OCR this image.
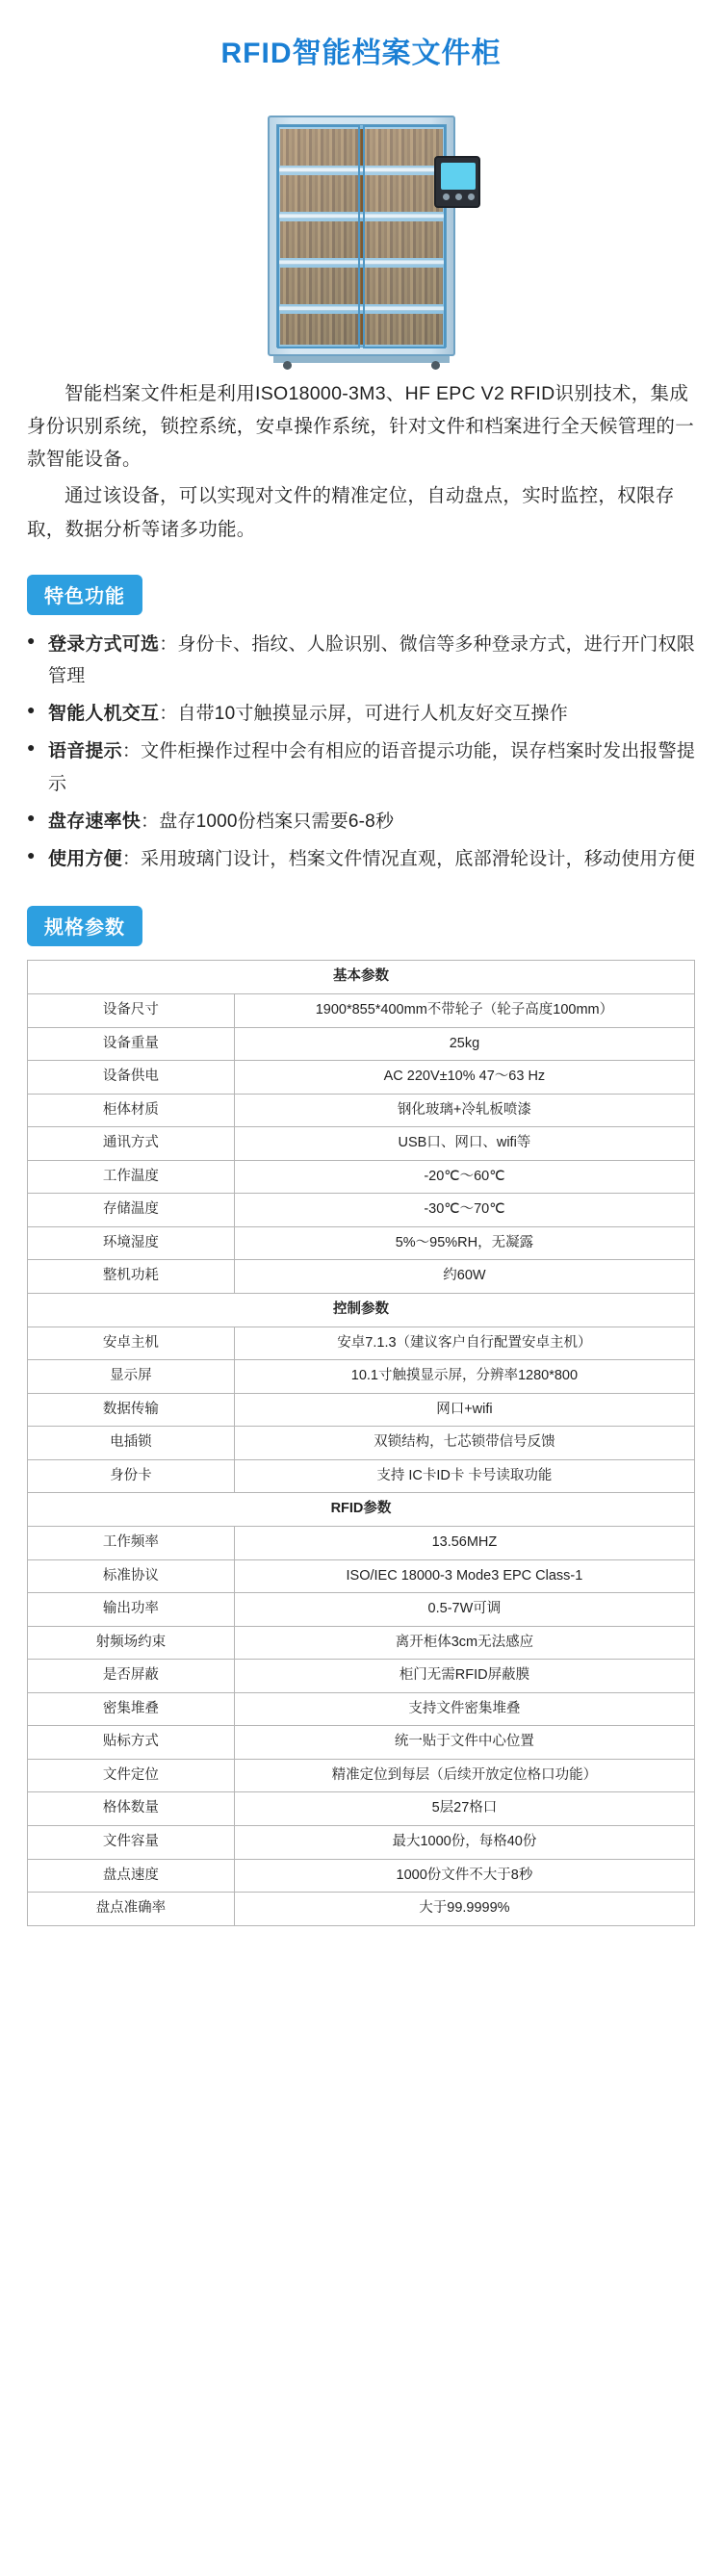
RFID智能档案文件柜

智能档案文件柜是利用ISO18000-3M3、HF EPC V2 RFID识别技术，集成身份识别系统，锁控系统，安卓操作系统，针对文件和档案进行全天候管理的一款智能设备。

通过该设备，可以实现对文件的精准定位，自动盘点，实时监控，权限存取，数据分析等诸多功能。

特色功能

● 登录方式可选：身份卡、指纹、人脸识别、微信等多种登录方式，进行开门权限管理

● 智能人机交互：自带10寸触摸显示屏，可进行人机友好交互操作

● 语音提示：文件柜操作过程中会有相应的语音提示功能，误存档案时发出报警提示

● 盘存速率快：盘存1000份档案只需要6-8秒

● 使用方便：采用玻璃门设计，档案文件情况直观，底部滑轮设计，移动使用方便

规格参数
基本参数	
设备尺寸	1900*855*400mm不带轮子（轮子高度100mm）
设备重量	25kg
设备供电	AC 220V±10% 47～63 Hz
柜体材质	钢化玻璃+冷轧板喷漆
通讯方式	USB口、网口、wifi等
工作温度	-20℃～60℃
存储温度	-30℃～70℃
环境湿度	5%～95%RH，无凝露
整机功耗	约60W
控制参数	
安卓主机	安卓7.1.3（建议客户自行配置安卓主机）
显示屏	10.1寸触摸显示屏，分辨率1280*800
数据传输	网口+wifi
电插锁	双锁结构，七芯锁带信号反馈
身份卡	支持 IC卡ID卡 卡号读取功能
RFID参数	
工作频率	13.56MHZ
标准协议	ISO/IEC 18000-3 Mode3 EPC Class-1
输出功率	0.5-7W可调
射频场约束	离开柜体3cm无法感应
是否屏蔽	柜门无需RFID屏蔽膜
密集堆叠	支持文件密集堆叠
贴标方式	统一贴于文件中心位置
文件定位	精准定位到每层（后续开放定位格口功能）
格体数量	5层27格口
文件容量	最大1000份，每格40份
盘点速度	1000份文件不大于8秒
盘点准确率	大于99.9999%
